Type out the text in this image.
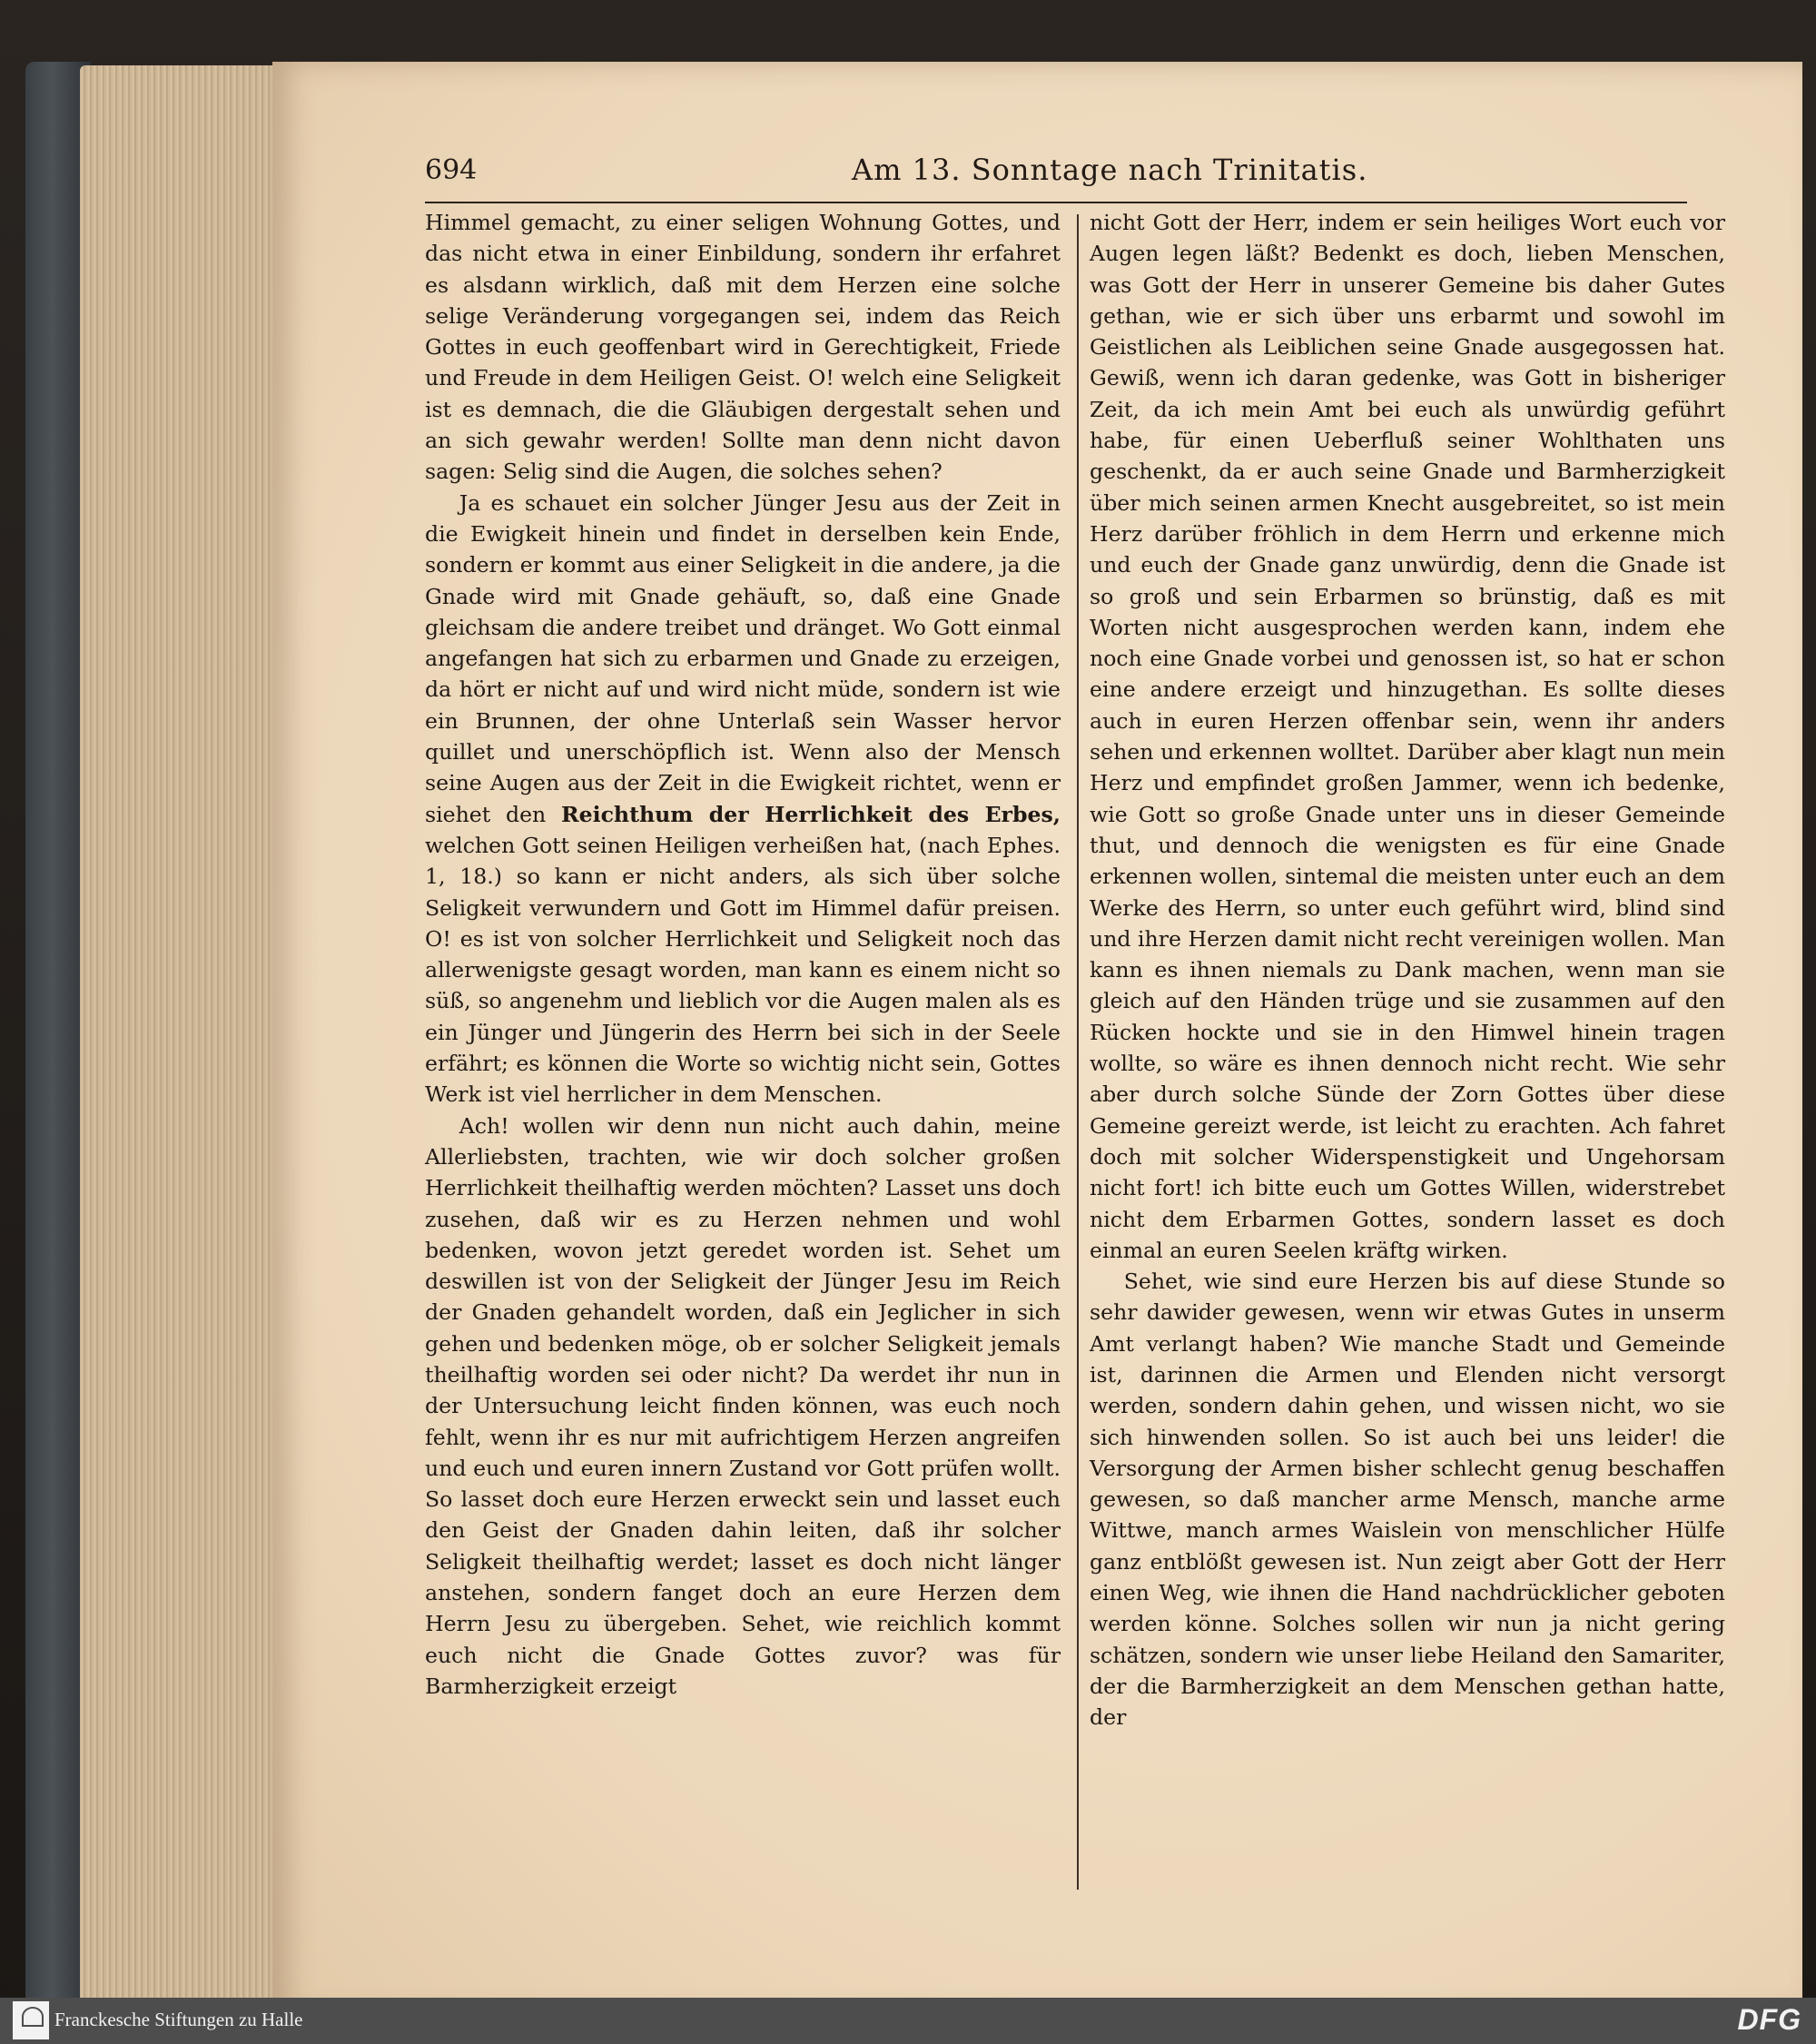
694	Am 13. Sonntage nach Trinitatis.

Himmel gemacht, zu einer seligen Wohnung Gottes, und das nicht etwa in einer Einbildung, sondern ihr erfahret es alsdann wirklich, daß mit dem Herzen eine solche selige Veränderung vorgegangen sei, indem das Reich Gottes in euch geoffenbart wird in Gerechtigkeit, Friede und Freude in dem Heiligen Geist. O! welch eine Seligkeit ist es demnach, die die Gläubigen dergestalt sehen und an sich gewahr werden! Sollte man denn nicht davon sagen: Selig sind die Augen, die solches sehen?

Ja es schauet ein solcher Jünger Jesu aus der Zeit in die Ewigkeit hinein und findet in derselben kein Ende, sondern er kommt aus einer Seligkeit in die andere, ja die Gnade wird mit Gnade gehäuft, so, daß eine Gnade gleichsam die andere treibet und dränget. Wo Gott einmal angefangen hat sich zu erbarmen und Gnade zu erzeigen, da hört er nicht auf und wird nicht müde, sondern ist wie ein Brunnen, der ohne Unterlaß sein Wasser hervor quillet und unerschöpflich ist. Wenn also der Mensch seine Augen aus der Zeit in die Ewigkeit richtet, wenn er siehet den Reichthum der Herrlichkeit des Erbes, welchen Gott seinen Heiligen verheißen hat, (nach Ephes. 1, 18.) so kann er nicht anders, als sich über solche Seligkeit verwundern und Gott im Himmel dafür preisen. O! es ist von solcher Herrlichkeit und Seligkeit noch das allerwenigste gesagt worden, man kann es einem nicht so süß, so angenehm und lieblich vor die Augen malen als es ein Jünger und Jüngerin des Herrn bei sich in der Seele erfährt; es können die Worte so wichtig nicht sein, Gottes Werk ist viel herrlicher in dem Menschen.

Ach! wollen wir denn nun nicht auch dahin, meine Allerliebsten, trachten, wie wir doch solcher großen Herrlichkeit theilhaftig werden möchten? Lasset uns doch zusehen, daß wir es zu Herzen nehmen und wohl bedenken, wovon jetzt geredet worden ist. Sehet um deswillen ist von der Seligkeit der Jünger Jesu im Reich der Gnaden gehandelt worden, daß ein Jeglicher in sich gehen und bedenken möge, ob er solcher Seligkeit jemals theilhaftig worden sei oder nicht? Da werdet ihr nun in der Untersuchung leicht finden können, was euch noch fehlt, wenn ihr es nur mit aufrichtigem Herzen angreifen und euch und euren innern Zustand vor Gott prüfen wollt. So lasset doch eure Herzen erweckt sein und lasset euch den Geist der Gnaden dahin leiten, daß ihr solcher Seligkeit theilhaftig werdet; lasset es doch nicht länger anstehen, sondern fanget doch an eure Herzen dem Herrn Jesu zu übergeben. Sehet, wie reichlich kommt euch nicht die Gnade Gottes zuvor? was für Barmherzigkeit erzeigt

nicht Gott der Herr, indem er sein heiliges Wort euch vor Augen legen läßt? Bedenkt es doch, lieben Menschen, was Gott der Herr in unserer Gemeine bis daher Gutes gethan, wie er sich über uns erbarmt und sowohl im Geistlichen als Leiblichen seine Gnade ausgegossen hat. Gewiß, wenn ich daran gedenke, was Gott in bisheriger Zeit, da ich mein Amt bei euch als unwürdig geführt habe, für einen Ueberfluß seiner Wohlthaten uns geschenkt, da er auch seine Gnade und Barmherzigkeit über mich seinen armen Knecht ausgebreitet, so ist mein Herz darüber fröhlich in dem Herrn und erkenne mich und euch der Gnade ganz unwürdig, denn die Gnade ist so groß und sein Erbarmen so brünstig, daß es mit Worten nicht ausgesprochen werden kann, indem ehe noch eine Gnade vorbei und genossen ist, so hat er schon eine andere erzeigt und hinzugethan. Es sollte dieses auch in euren Herzen offenbar sein, wenn ihr anders sehen und erkennen wolltet. Darüber aber klagt nun mein Herz und empfindet großen Jammer, wenn ich bedenke, wie Gott so große Gnade unter uns in dieser Gemeinde thut, und dennoch die wenigsten es für eine Gnade erkennen wollen, sintemal die meisten unter euch an dem Werke des Herrn, so unter euch geführt wird, blind sind und ihre Herzen damit nicht recht vereinigen wollen. Man kann es ihnen niemals zu Dank machen, wenn man sie gleich auf den Händen trüge und sie zusammen auf den Rücken hockte und sie in den Himwel hinein tragen wollte, so wäre es ihnen dennoch nicht recht. Wie sehr aber durch solche Sünde der Zorn Gottes über diese Gemeine gereizt werde, ist leicht zu erachten. Ach fahret doch mit solcher Widerspenstigkeit und Ungehorsam nicht fort! ich bitte euch um Gottes Willen, widerstrebet nicht dem Erbarmen Gottes, sondern lasset es doch einmal an euren Seelen kräftg wirken.

Sehet, wie sind eure Herzen bis auf diese Stunde so sehr dawider gewesen, wenn wir etwas Gutes in unserm Amt verlangt haben? Wie manche Stadt und Gemeinde ist, darinnen die Armen und Elenden nicht versorgt werden, sondern dahin gehen, und wissen nicht, wo sie sich hinwenden sollen. So ist auch bei uns leider! die Versorgung der Armen bisher schlecht genug beschaffen gewesen, so daß mancher arme Mensch, manche arme Wittwe, manch armes Waislein von menschlicher Hülfe ganz entblößt gewesen ist. Nun zeigt aber Gott der Herr einen Weg, wie ihnen die Hand nachdrücklicher geboten werden könne. Solches sollen wir nun ja nicht gering schätzen, sondern wie unser liebe Heiland den Samariter, der die Barmherzigkeit an dem Menschen gethan hatte, der

Franckesche Stiftungen zu Halle	DFG
